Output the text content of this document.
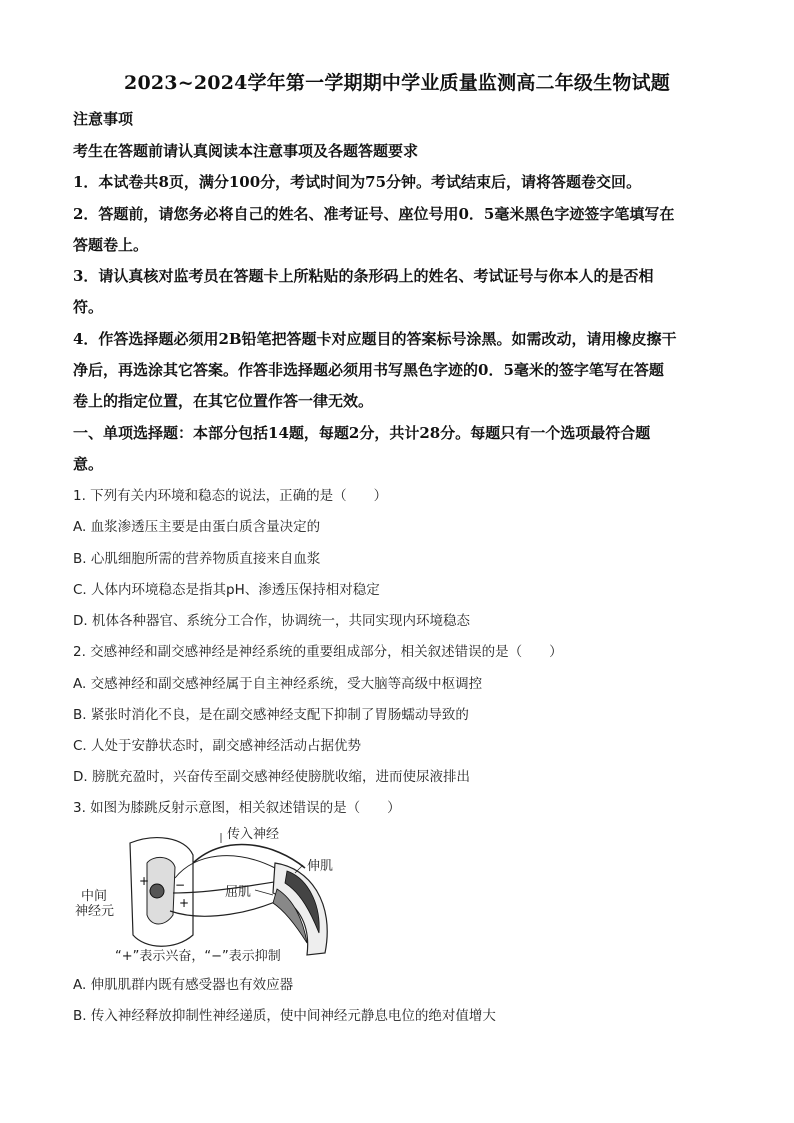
2023~2024学年第一学期期中学业质量监测高二年级生物试题
注意事项
考生在答题前请认真阅读本注意事项及各题答题要求
1．本试卷共8页，满分100分，考试时间为75分钟。考试结束后，请将答题卷交回。
2．答题前，请您务必将自己的姓名、准考证号、座位号用0．5毫米黑色字迹签字笔填写在
答题卷上。
3．请认真核对监考员在答题卡上所粘贴的条形码上的姓名、考试证号与你本人的是否相
符。
4．作答选择题必须用2B铅笔把答题卡对应题目的答案标号涂黑。如需改动，请用橡皮擦干
净后，再选涂其它答案。作答非选择题必须用书写黑色字迹的0．5毫米的签字笔写在答题
卷上的指定位置，在其它位置作答一律无效。
一、单项选择题：本部分包括14题，每题2分，共计28分。每题只有一个选项最符合题
意。
1. 下列有关内环境和稳态的说法，正确的是（　　）
A. 血浆渗透压主要是由蛋白质含量决定的
B. 心肌细胞所需的营养物质直接来自血浆
C. 人体内环境稳态是指其pH、渗透压保持相对稳定
D. 机体各种器官、系统分工合作，协调统一，共同实现内环境稳态
2. 交感神经和副交感神经是神经系统的重要组成部分，相关叙述错误的是（　　）
A. 交感神经和副交感神经属于自主神经系统，受大脑等高级中枢调控
B. 紧张时消化不良，是在副交感神经支配下抑制了胃肠蠕动导致的
C. 人处于安静状态时，副交感神经活动占据优势
D. 膀胱充盈时，兴奋传至副交感神经使膀胱收缩，进而使尿液排出
3. 如图为膝跳反射示意图，相关叙述错误的是（　　）
+
+
−
传入神经
伸肌
屈肌
中间
神经元
“+”表示兴奋，“−”表示抑制
A. 伸肌肌群内既有感受器也有效应器
B. 传入神经释放抑制性神经递质，使中间神经元静息电位的绝对值增大
